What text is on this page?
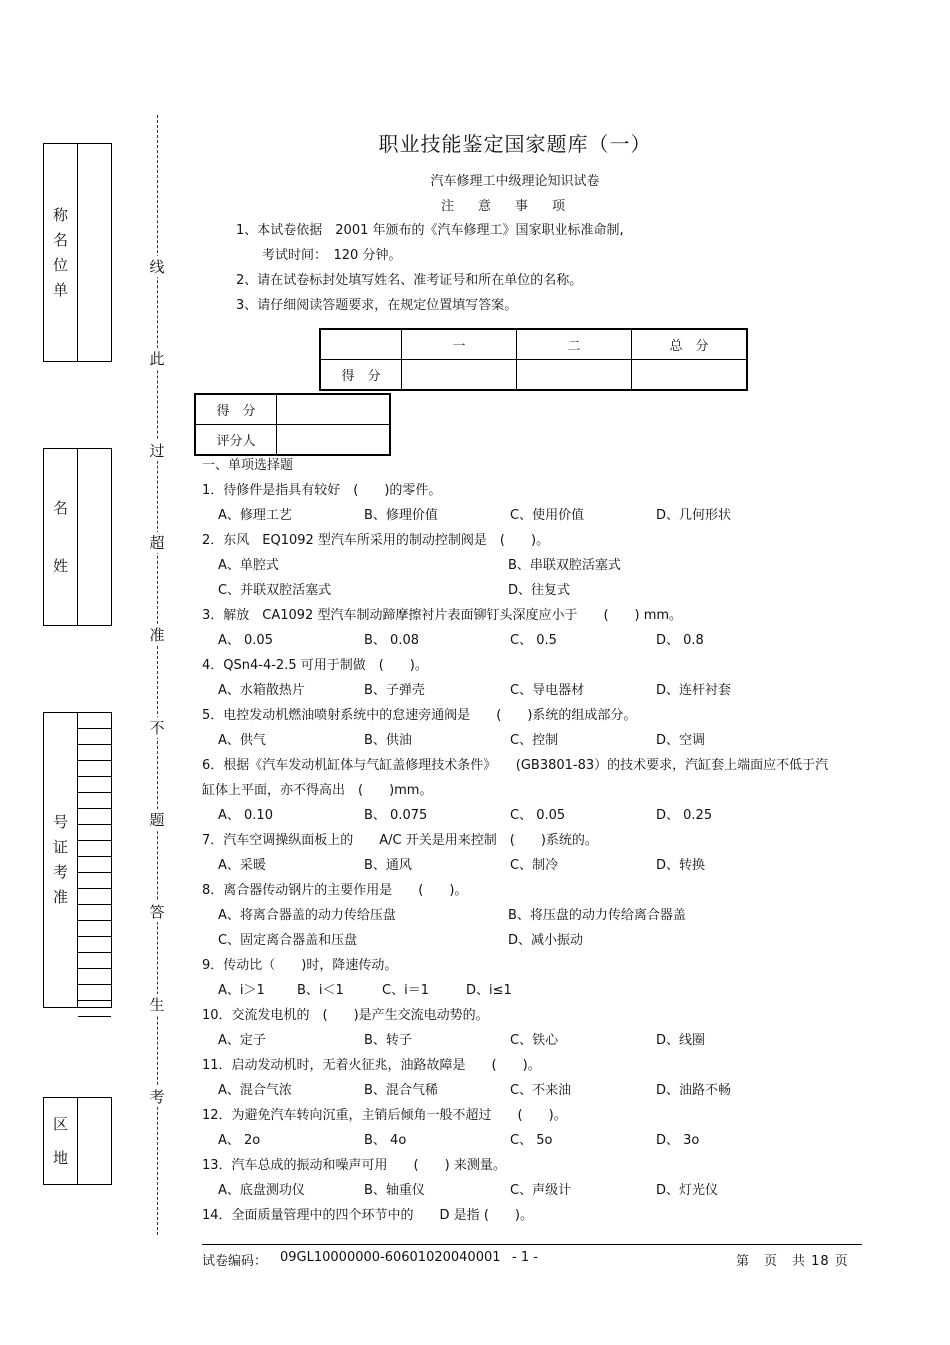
称
名
位
单
名
姓
号
证
考
准
区
地
线
此
过
超
准
不
题
答
生
考
职业技能鉴定国家题库（一）
汽车修理工中级理论知识试卷
注意事项
1、本试卷依据　2001 年颁布的《汽车修理工》国家职业标准命制,
　　考试时间：　120 分钟。
2、请在试卷标封处填写姓名、准考证号和所在单位的名称。
3、请仔细阅读答题要求，在规定位置填写答案。
	一	二	总　分
得　分			
得　分	
评分人	
一、单项选择题
1．待修件是指具有较好　(　　)的零件。
A、修理工艺	B、修理价值	C、使用价值	D、几何形状
2．东风　EQ1092 型汽车所采用的制动控制阀是　(　　)。
A、单腔式	B、串联双腔活塞式
C、并联双腔活塞式	D、往复式
3．解放　CA1092 型汽车制动蹄摩擦衬片表面铆钉头深度应小于　　(　　) mm。
A、 0.05	B、 0.08	C、 0.5	D、 0.8
4．QSn4-4-2.5 可用于制做　(　　)。
A、水箱散热片	B、子弹壳	C、导电器材	D、连杆衬套
5．电控发动机燃油喷射系统中的怠速旁通阀是　　(　　)系统的组成部分。
A、供气	B、供油	C、控制	D、空调
6．根据《汽车发动机缸体与气缸盖修理技术条件》　　(GB3801-83）的技术要求，汽缸套上端面应不低于汽
缸体上平面，亦不得高出　(　　)mm。
A、 0.10	B、 0.075	C、 0.05	D、 0.25
7．汽车空调操纵面板上的　　A/C 开关是用来控制　(　　)系统的。
A、采暖	B、通风	C、制冷	D、转换
8．离合器传动钢片的主要作用是　　(　　)。
A、将离合器盖的动力传给压盘	B、将压盘的动力传给离合器盖
C、固定离合器盖和压盘	D、减小振动
9．传动比（　　)时，降速传动。
A、i＞1 B、i＜1	C、i＝1	D、i≤1
10．交流发电机的　(　　)是产生交流电动势的。
A、定子	B、转子	C、铁心	D、线圈
11．启动发动机时，无着火征兆，油路故障是　　(　　)。
A、混合气浓	B、混合气稀	C、不来油	D、油路不畅
12．为避免汽车转向沉重，主销后倾角一般不超过　　(　　)。
A、 2o	B、 4o	C、 5o	D、 3o
13．汽车总成的振动和噪声可用　　(　　) 来测量。
A、底盘测功仪	B、轴重仪	C、声级计	D、灯光仪
14．全面质量管理中的四个环节中的　　D 是指 (　　)。
试卷编码： 09GL10000000-60601020040001 - 1 -	第　页　共 18 页
